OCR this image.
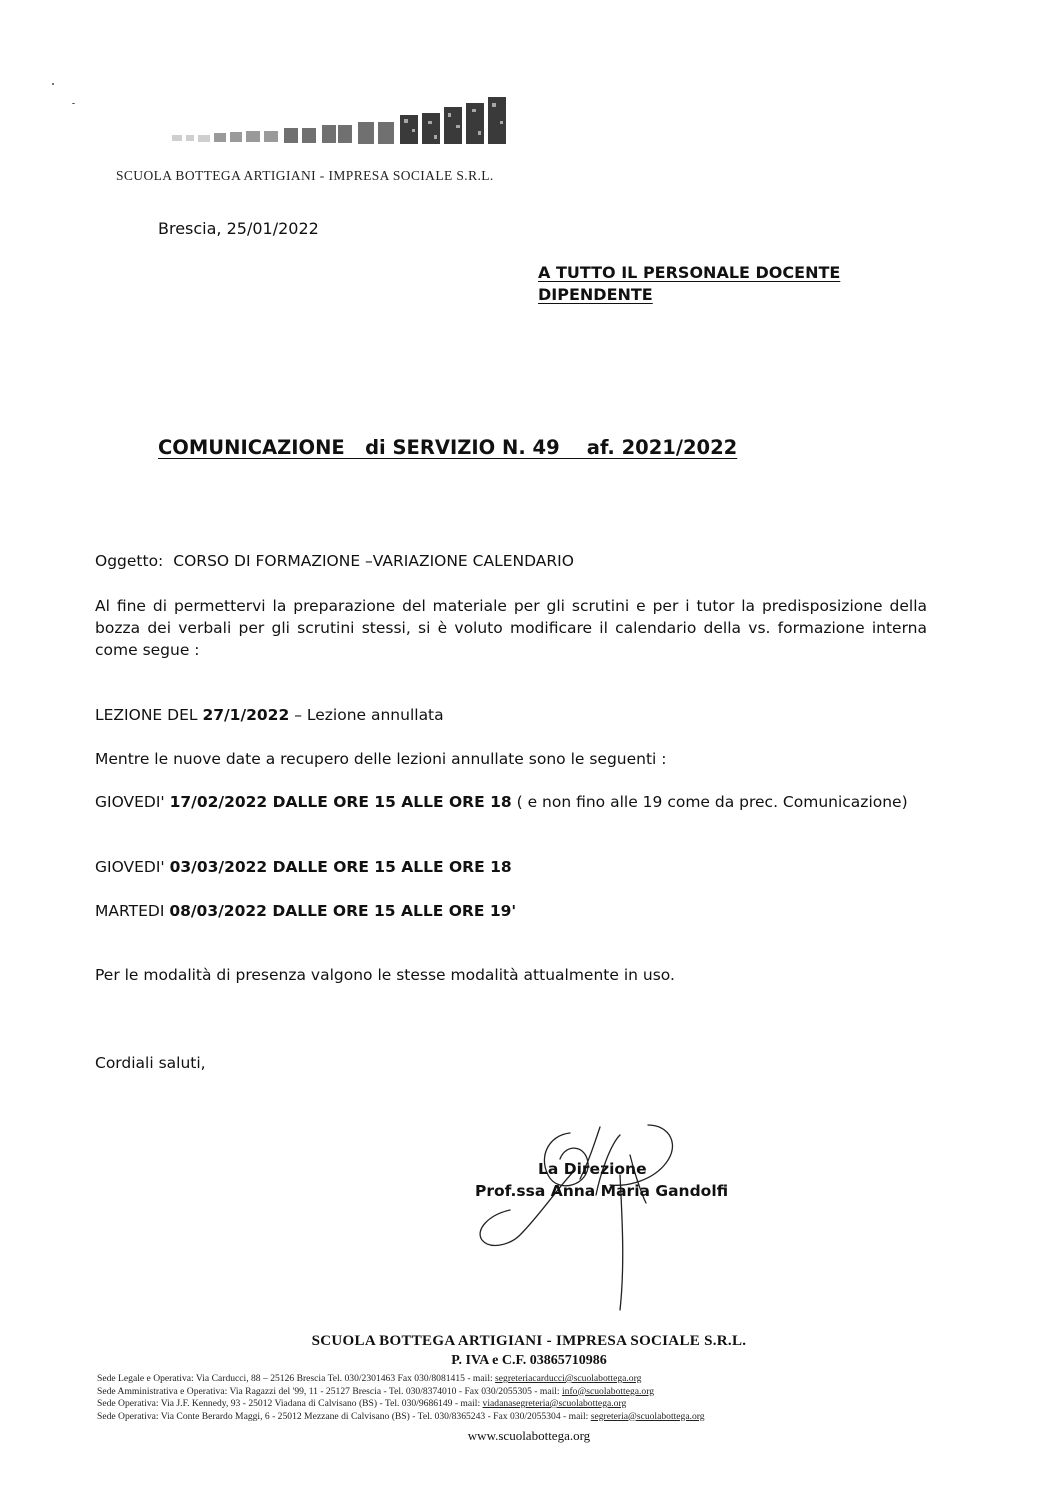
SCUOLA BOTTEGA ARTIGIANI - IMPRESA SOCIALE S.R.L.
Brescia, 25/01/2022
A TUTTO IL PERSONALE DOCENTE
DIPENDENTE
COMUNICAZIONE   di SERVIZIO N. 49    af. 2021/2022
Oggetto: CORSO DI FORMAZIONE –VARIAZIONE CALENDARIO
Al fine di permettervi la preparazione del materiale per gli scrutini e per i tutor la predisposizione della bozza dei verbali per gli scrutini stessi, si è voluto modificare il calendario della vs. formazione interna come segue :
LEZIONE DEL 27/1/2022 – Lezione annullata
Mentre le nuove date a recupero delle lezioni annullate sono le seguenti :
GIOVEDI' 17/02/2022 DALLE ORE 15 ALLE ORE 18 ( e non fino alle 19 come da prec. Comunicazione)
GIOVEDI' 03/03/2022 DALLE ORE 15 ALLE ORE 18
MARTEDI 08/03/2022 DALLE ORE 15 ALLE ORE 19'
Per le modalità di presenza valgono le stesse modalità attualmente in uso.
Cordiali saluti,
La Direzione
Prof.ssa Anna Maria Gandolfi
SCUOLA BOTTEGA ARTIGIANI - IMPRESA SOCIALE S.R.L.
P. IVA e C.F. 03865710986
Sede Legale e Operativa: Via Carducci, 88 – 25126 Brescia Tel. 030/2301463 Fax 030/8081415 - mail: segreteriacarducci@scuolabottega.org
Sede Amministrativa e Operativa: Via Ragazzi del '99, 11 - 25127 Brescia - Tel. 030/8374010 - Fax 030/2055305 - mail: info@scuolabottega.org
Sede Operativa: Via J.F. Kennedy, 93 - 25012 Viadana di Calvisano (BS) - Tel. 030/9686149 - mail: viadanasegreteria@scuolabottega.org
Sede Operativa: Via Conte Berardo Maggi, 6 - 25012 Mezzane di Calvisano (BS) - Tel. 030/8365243 - Fax 030/2055304 - mail: segreteria@scuolabottega.org
www.scuolabottega.org
